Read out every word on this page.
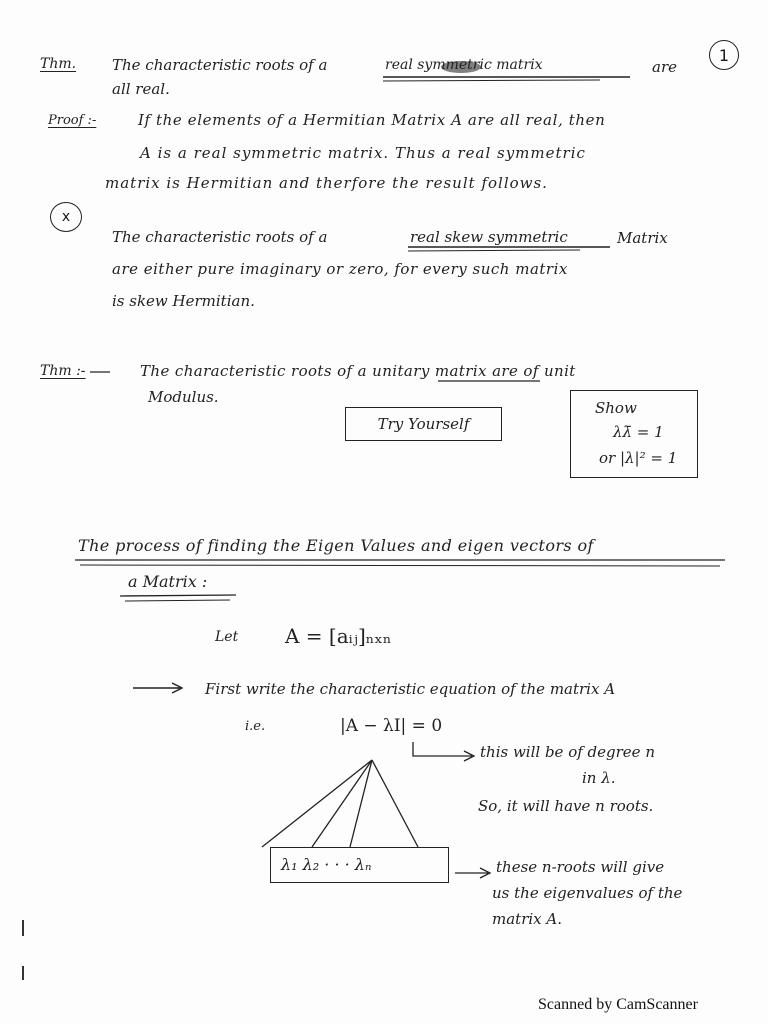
1
Thm. The characteristic roots of a	real symmetric matrix	are
all real.
Proof :-	If the elements of a Hermitian Matrix A are all real, then
A is a real symmetric matrix. Thus a real symmetric
matrix is Hermitian and therfore the result follows.
x
The characteristic roots of a	real skew symmetric	Matrix
are either pure imaginary or zero, for every such matrix
is skew Hermitian.
Thm :-	The characteristic roots of a unitary matrix are of unit
Modulus.
Try Yourself
Show
λλ̄ = 1
or |λ|² = 1
The process of finding the Eigen Values and eigen vectors of
a Matrix :
Let A = [aᵢⱼ]ₙₓₙ
First write the characteristic equation of the matrix A
i.e.	|A − λI| = 0
this will be of degree n
in λ.
So, it will have n roots.
λ₁ λ₂ · · · λₙ	these n-roots will give
us the eigenvalues of the
matrix A.
Scanned by CamScanner
